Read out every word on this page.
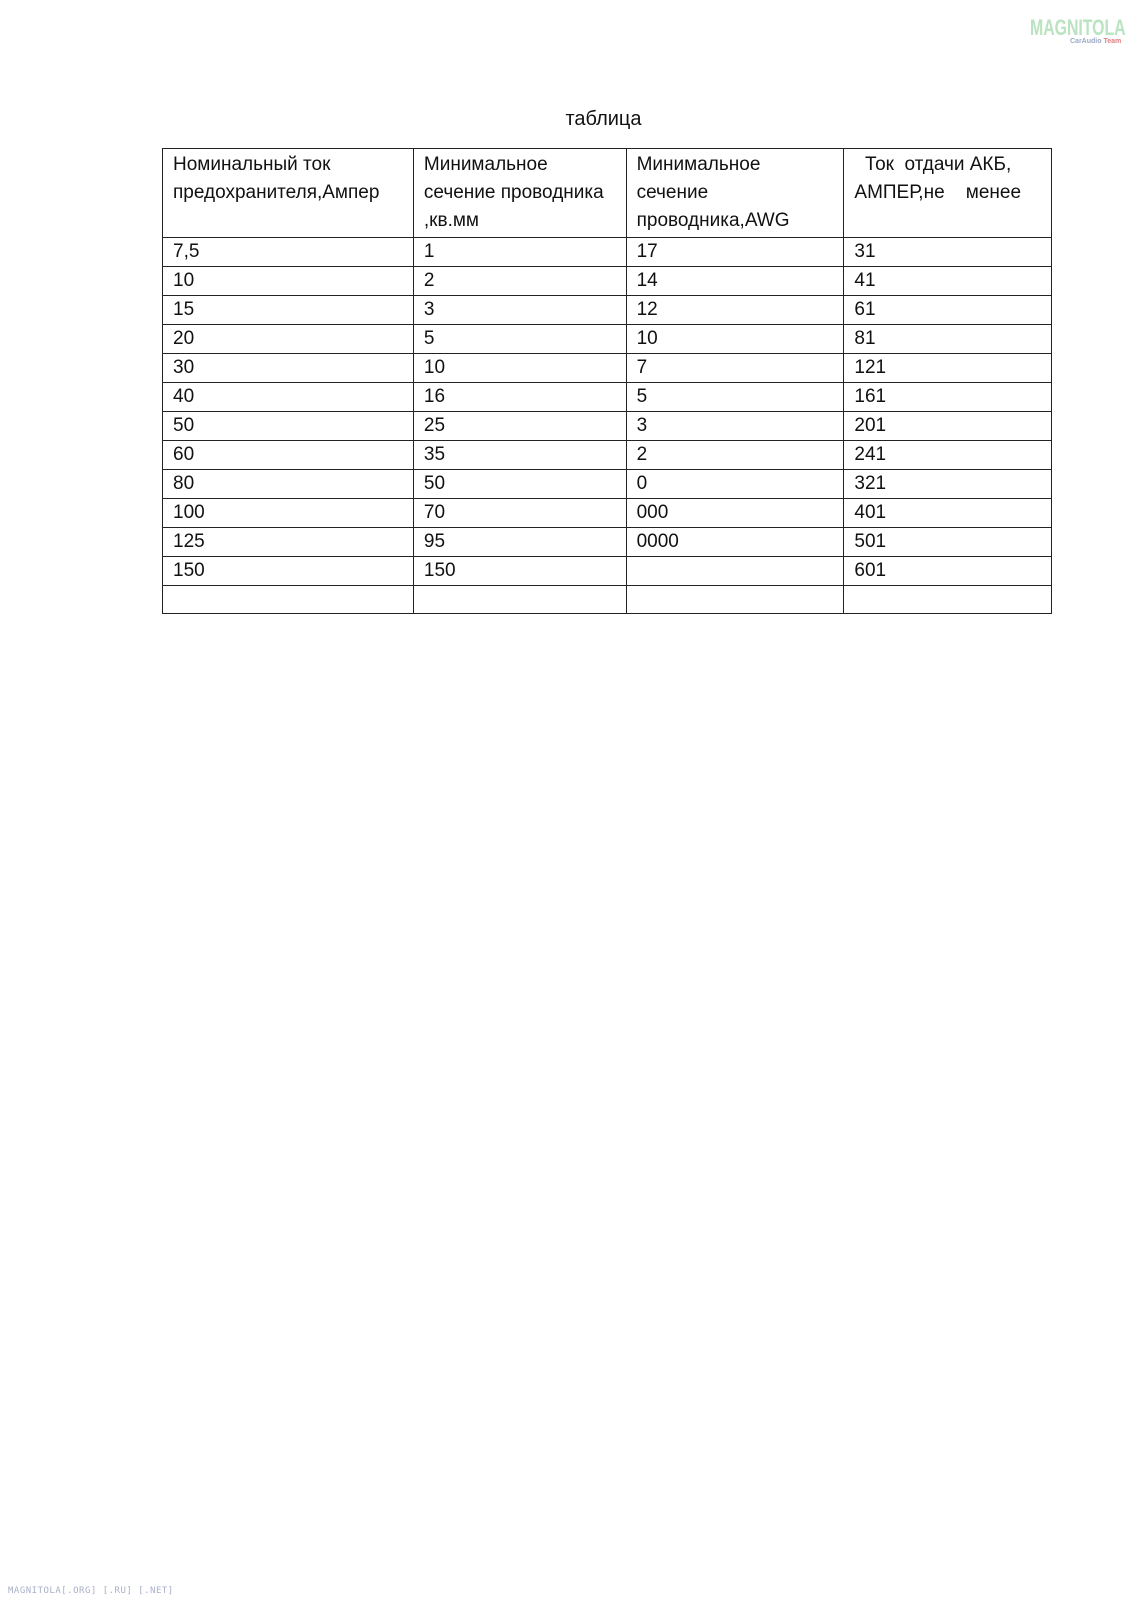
MAGNITOLA
CarAudio Team
таблица
Номинальный ток предохранителя,Ампер	Минимальное сечение проводника ,кв.мм	Минимальное сечение проводника,AWG	Ток  отдачи АКБ, АМПЕР,не    менее
7,5	1	17	31
10	2	14	41
15	3	12	61
20	5	10	81
30	10	7	121
40	16	5	161
50	25	3	201
60	35	2	241
80	50	0	321
100	70	000	401
125	95	0000	501
150	150		601

MAGNITOLA[.ORG] [.RU] [.NET]
